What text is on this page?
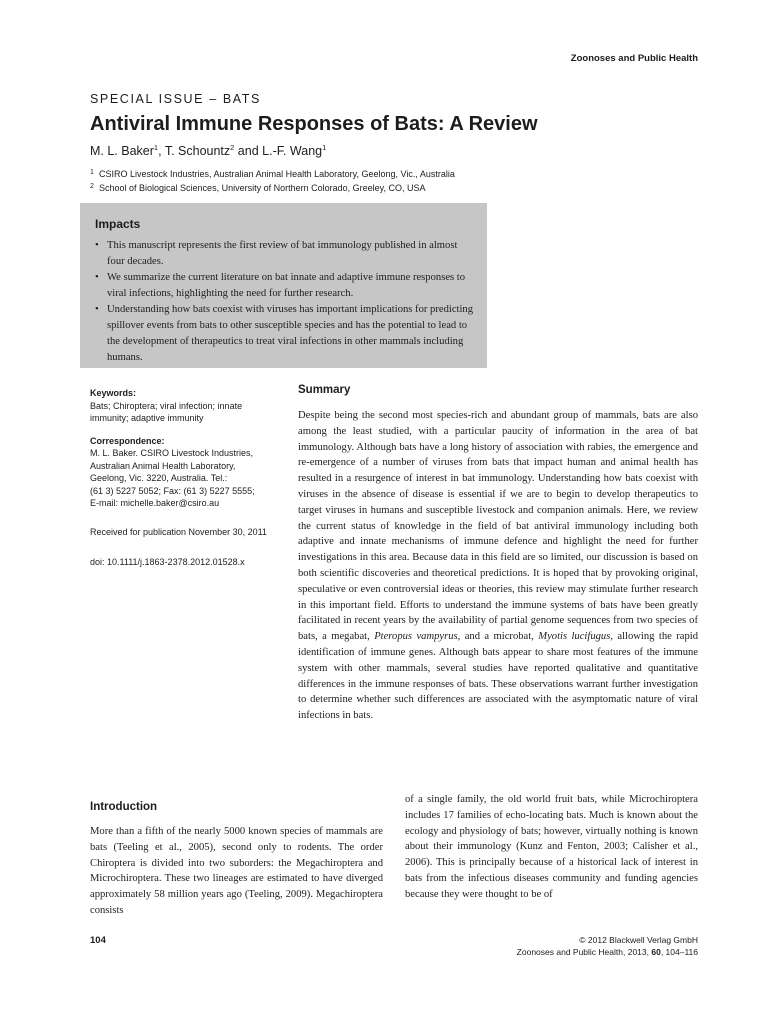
Zoonoses and Public Health
SPECIAL ISSUE – BATS
Antiviral Immune Responses of Bats: A Review
M. L. Baker$^1$, T. Schountz$^2$ and L.-F. Wang$^1$
1 CSIRO Livestock Industries, Australian Animal Health Laboratory, Geelong, Vic., Australia
2 School of Biological Sciences, University of Northern Colorado, Greeley, CO, USA
Impacts
• This manuscript represents the first review of bat immunology published in almost four decades.
• We summarize the current literature on bat innate and adaptive immune responses to viral infections, highlighting the need for further research.
• Understanding how bats coexist with viruses has important implications for predicting spillover events from bats to other susceptible species and has the potential to lead to the development of therapeutics to treat viral infections in other mammals including humans.
Keywords:
Bats; Chiroptera; viral infection; innate immunity; adaptive immunity
Correspondence:
M. L. Baker. CSIRO Livestock Industries,
Australian Animal Health Laboratory,
Geelong, Vic. 3220, Australia. Tel.:
(61 3) 5227 5052; Fax: (61 3) 5227 5555;
E-mail: michelle.baker@csiro.au
Received for publication November 30, 2011
doi: 10.1111/j.1863-2378.2012.01528.x
Summary

Despite being the second most species-rich and abundant group of mammals, bats are also among the least studied, with a particular paucity of information in the area of bat immunology. Although bats have a long history of association with rabies, the emergence and re-emergence of a number of viruses from bats that impact human and animal health has resulted in a resurgence of interest in bat immunology. Understanding how bats coexist with viruses in the absence of disease is essential if we are to begin to develop therapeutics to target viruses in humans and susceptible livestock and companion animals. Here, we review the current status of knowledge in the field of bat antiviral immunology including both adaptive and innate mechanisms of immune defence and highlight the need for further investigations in this area. Because data in this field are so limited, our discussion is based on both scientific discoveries and theoretical predictions. It is hoped that by provoking original, speculative or even controversial ideas or theories, this review may stimulate further research in this important field. Efforts to understand the immune systems of bats have been greatly facilitated in recent years by the availability of partial genome sequences from two species of bats, a megabat, Pteropus vampyrus, and a microbat, Myotis lucifugus, allowing the rapid identification of immune genes. Although bats appear to share most features of the immune system with other mammals, several studies have reported qualitative and quantitative differences in the immune responses of bats. These observations warrant further investigation to determine whether such differences are associated with the asymptomatic nature of viral infections in bats.

Introduction

More than a fifth of the nearly 5000 known species of mammals are bats (Teeling et al., 2005), second only to rodents. The order Chiroptera is divided into two suborders: the Megachiroptera and Microchiroptera. These two lineages are estimated to have diverged approximately 58 million years ago (Teeling, 2009). Megachiroptera consists

of a single family, the old world fruit bats, while Microchiroptera includes 17 families of echo-locating bats. Much is known about the ecology and physiology of bats; however, virtually nothing is known about their immunology (Kunz and Fenton, 2003; Calisher et al., 2006). This is principally because of a historical lack of interest in bats from the infectious diseases community and funding agencies because they were thought to be of

104	© 2012 Blackwell Verlag GmbH
Zoonoses and Public Health, 2013, 60, 104–116
